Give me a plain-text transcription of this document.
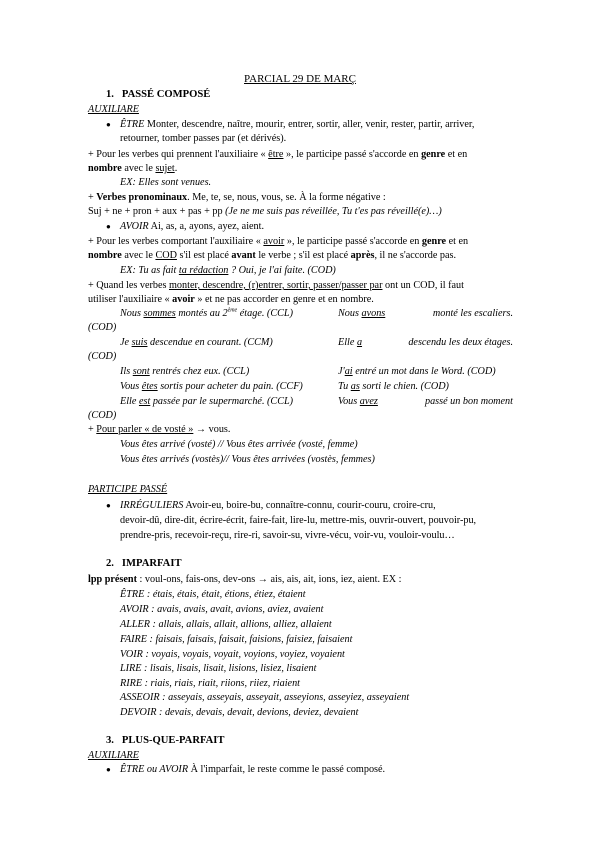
PARCIAL 29 DE MARÇ
1.   PASSÉ COMPOSÉ
AUXILIARE
● ÊTRE Monter, descendre, naître, mourir, entrer, sortir, aller, venir, rester, partir, arriver,
retourner, tomber passes par (et dérivés).
+ Pour les verbes qui prennent l'auxiliaire « être », le participe passé s'accorde en genre et en
nombre avec le sujet.
EX: Elles sont venues.
+ Verbes pronominaux. Me, te, se, nous, vous, se. À la forme négative :
Suj + ne + pron + aux + pas + pp (Je ne me suis pas réveillée, Tu t'es pas réveillé(e)…)
● AVOIR Ai, as, a, ayons, ayez, aient.
+ Pour les verbes comportant l'auxiliaire « avoir », le participe passé s'accorde en genre et en
nombre avec le COD s'il est placé avant le verbe ; s'il est placé après, il ne s'accorde pas.
EX: Tu as fait ta rédaction ? Oui, je l'ai faite. (COD)
+ Quand les verbes monter, descendre, (r)entrer, sortir, passer/passer par ont un COD, il faut
utiliser l'auxiliaire « avoir » et ne pas accorder en genre et en nombre.
Nous sommes montés au 2ème étage. (CCL)	Nous avons	monté les escaliers.
(COD)
Je suis descendue en courant. (CCM)	Elle a	descendu les deux étages.
(COD)
Ils sont rentrés chez eux. (CCL)	J'ai entré un mot dans le Word. (COD)
Vous êtes sortis pour acheter du pain. (CCF)	Tu as sorti le chien. (COD)
Elle est passée par le supermarché. (CCL)	Vous avez	passé un bon moment
(COD)
+ Pour parler « de vosté » → vous.
Vous êtes arrivé (vosté) // Vous êtes arrivée (vosté, femme)
Vous êtes arrivés (vostès)// Vous êtes arrivées (vostès, femmes)
PARTICIPE PASSÉ
● IRRÉGULIERS Avoir-eu, boire-bu, connaître-connu, courir-couru, croire-cru,
devoir-dû, dire-dit, écrire-écrit, faire-fait, lire-lu, mettre-mis, ouvrir-ouvert, pouvoir-pu,
prendre-pris, recevoir-reçu, rire-ri, savoir-su, vivre-vécu, voir-vu, vouloir-voulu…
2.   IMPARFAIT
lpp présent : voul-ons, fais-ons, dev-ons → ais, ais, ait, ions, iez, aient. EX :
ÊTRE : étais, étais, était, étions, étiez, étaient
AVOIR : avais, avais, avait, avions, aviez, avaient
ALLER : allais, allais, allait, allions, alliez, allaient
FAIRE : faisais, faisais, faisait, faisions, faisiez, faisaient
VOIR : voyais, voyais, voyait, voyions, voyiez, voyaient
LIRE : lisais, lisais, lisait, lisions, lisiez, lisaient
RIRE : riais, riais, riait, riions, riiez, riaient
ASSEOIR : asseyais, asseyais, asseyait, asseyions, asseyiez, asseyaient
DEVOIR : devais, devais, devait, devions, deviez, devaient
3.   PLUS-QUE-PARFAIT
AUXILIARE
● ÊTRE ou AVOIR À l'imparfait, le reste comme le passé composé.
